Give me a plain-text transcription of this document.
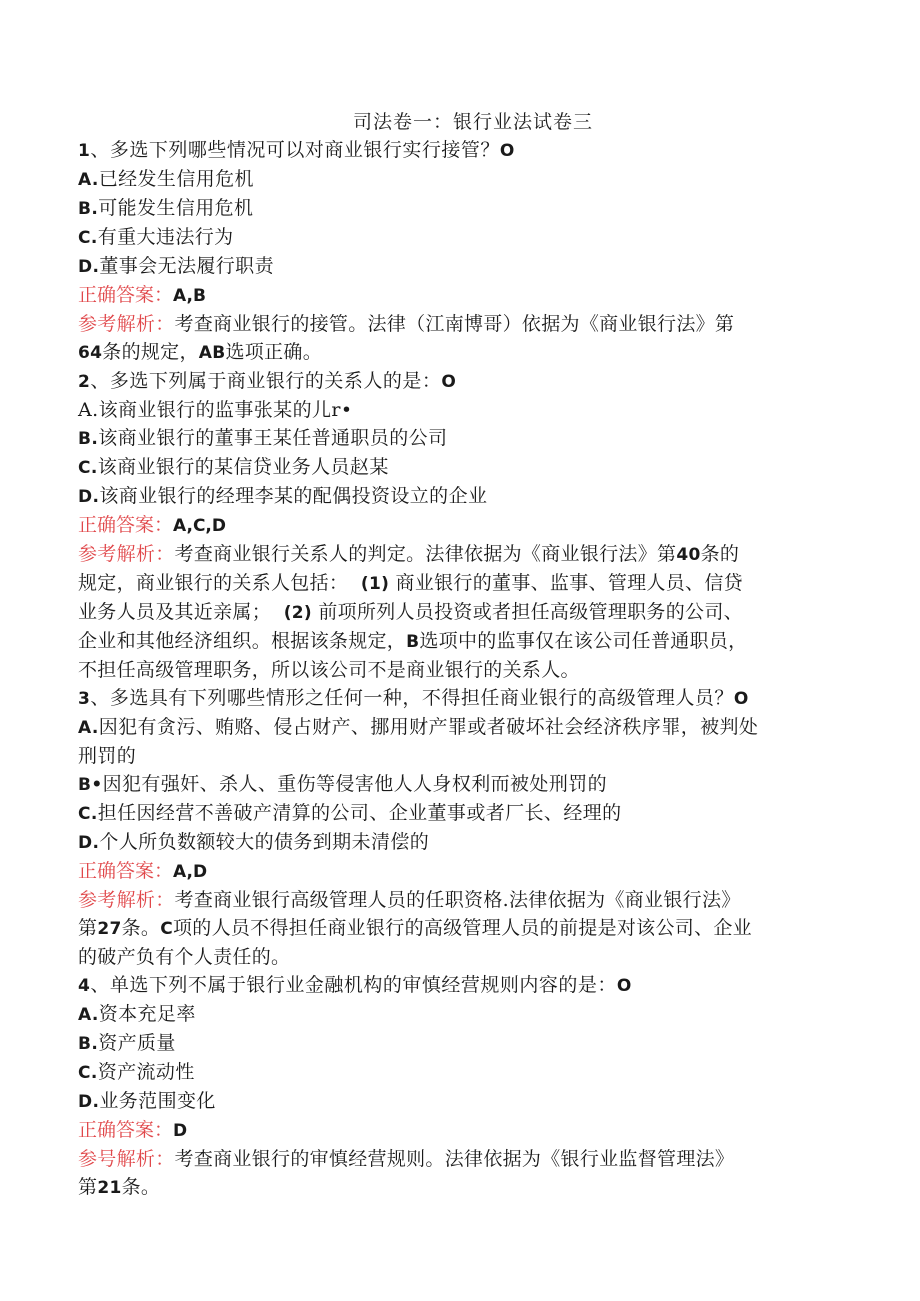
司法卷一：银行业法试卷三

1、多选下列哪些情况可以对商业银行实行接管？O

A.已经发生信用危机

B.可能发生信用危机

C.有重大违法行为

D.董事会无法履行职责

正确答案：A,B

参考解析：考查商业银行的接管。法律（江南博哥）依据为《商业银行法》第

64条的规定，AB选项正确。

2、多选下列属于商业银行的关系人的是：O

A.该商业银行的监事张某的儿r•

B.该商业银行的董事王某任普通职员的公司

C.该商业银行的某信贷业务人员赵某

D.该商业银行的经理李某的配偶投资设立的企业

正确答案：A,C,D

参考解析：考查商业银行关系人的判定。法律依据为《商业银行法》第40条的

规定，商业银行的关系人包括： (1) 商业银行的董事、监事、管理人员、信贷

业务人员及其近亲属； (2) 前项所列人员投资或者担任高级管理职务的公司、

企业和其他经济组织。根据该条规定，B选项中的监事仅在该公司任普通职员，

不担任高级管理职务，所以该公司不是商业银行的关系人。

3、多选具有下列哪些情形之任何一种，不得担任商业银行的高级管理人员？O

A.因犯有贪污、贿赂、侵占财产、挪用财产罪或者破坏社会经济秩序罪，被判处

刑罚的

B•因犯有强奸、杀人、重伤等侵害他人人身权利而被处刑罚的

C.担任因经营不善破产清算的公司、企业董事或者厂长、经理的

D.个人所负数额较大的债务到期未清偿的

正确答案：A,D

参考解析：考查商业银行高级管理人员的任职资格.法律依据为《商业银行法》

第27条。C项的人员不得担任商业银行的高级管理人员的前提是对该公司、企业

的破产负有个人责任的。

4、单选下列不属于银行业金融机构的审慎经营规则内容的是：O

A.资本充足率

B.资产质量

C.资产流动性

D.业务范围变化

正确答案：D

参号解析：考查商业银行的审慎经营规则。法律依据为《银行业监督管理法》

第21条。
